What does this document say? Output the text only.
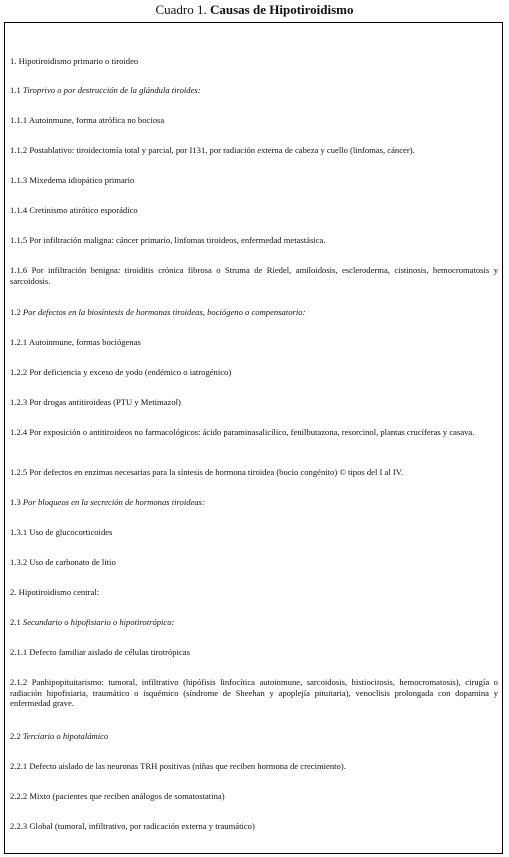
Cuadro 1. Causas de Hipotiroidismo
1. Hipotiroidismo primario o tiroideo
1.1 Tiroprivo o por destrucción de la glándula tiroides:
1.1.1 Autoinmune, forma atrófica no bociosa
1.1.2 Postablativo: tiroidectomía total y parcial, por I131, por radiación externa de cabeza y cuello (linfomas, cáncer).
1.1.3 Mixedema idiopático primario
1.1.4 Cretinismo atirótico esporádico
1.1.5 Por infiltración maligna: cáncer primario, linfomas tiroideos, enfermedad metastásica.
1.1.6 Por infiltración benigna: tiroiditis crónica fibrosa o Struma de Riedel, amiloidosis, escleroderma, cistinosis, hemocromatosis y sarcoidosis.
1.2 Por defectos en la biosíntesis de hormonas tiroideas, bociógeno o compensatorio:
1.2.1 Autoinmune, formas bociógenas
1.2.2 Por deficiencia y exceso de yodo (endémico o iatrogénico)
1.2.3 Por drogas antitiroideas (PTU y Metimazol)
1.2.4 Por exposición o antitiroideos no farmacológicos: ácido paraminasalicílico, fenilbutazona, resorcinol, plantas crucíferas y casava.
1.2.5 Por defectos en enzimas necesarias para la síntesis de hormona tiroidea (bocio congénito) © tipos del I al IV.
1.3 Por bloqueos en la secreción de hormonas tiroideas:
1.3.1 Uso de glucocorticoides
1.3.2 Uso de carbonato de litio
2. Hipotiroidismo central:
2.1 Secundario o hipofisiario o hipotirotrópico:
2.1.1 Defecto familiar aislado de células tirotrópicas
2.1.2 Panhipopituitarismo: tumoral, infiltrativo (hipófisis linfocítica autoinmune, sarcoidosis, histiocitosis, hemocromatosis), cirugía o radiación hipofisiaria, traumático o isquémico (síndrome de Sheehan y apoplejía pituitaria), venoclisis prolongada con dopamina y enfermedad grave.
2.2 Terciario o hipotalámico
2.2.1 Defecto aislado de las neuronas TRH positivas (niñas que reciben hormona de crecimiento).
2.2.2 Mixto (pacientes que reciben análogos de somatostatina)
2.2.3 Global (tumoral, infiltrativo, por radicación externa y traumático)
